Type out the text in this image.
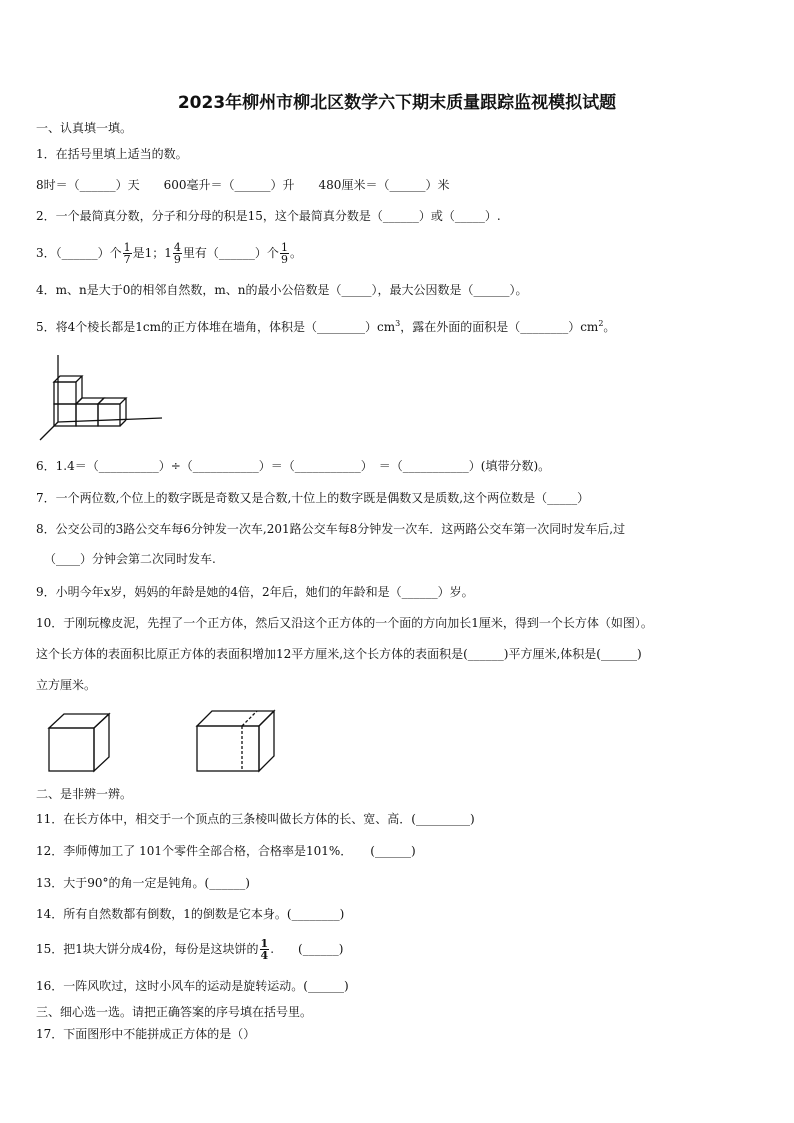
2023年柳州市柳北区数学六下期末质量跟踪监视模拟试题
一、认真填一填。
1．在括号里填上适当的数。
8时＝（______）天　　600毫升＝（______）升　　480厘米＝（______）米
2．一个最简真分数，分子和分母的积是15，这个最简真分数是（______）或（_____）.
3．（______）个 $\frac{1}{7}$ 是1；$1 \frac{4}{9}$ 里有（______）个 $\frac{1}{9}$ 。
4．m、n是大于0的相邻自然数，m、n的最小公倍数是（_____），最大公因数是（______）。
5．将4个棱长都是1cm的正方体堆在墙角，体积是$(\_\_\_\_\_\_\_\_)cm^3$，露在外面的面积是$(\_\_\_\_\_\_\_\_)cm^2$。
6．1.4＝（__________）÷（___________）＝（___________）　＝（___________）(填带分数)。
7．一个两位数,个位上的数字既是奇数又是合数,十位上的数字既是偶数又是质数,这个两位数是（_____）
8．公交公司的3路公交车每6分钟发一次车,201路公交车每8分钟发一次车．这两路公交车第一次同时发车后,过
（____）分钟会第二次同时发车.
9．小明今年x岁，妈妈的年龄是她的4倍，2年后，她们的年龄和是（______）岁。
10．于刚玩橡皮泥，先捏了一个正方体，然后又沿这个正方体的一个面的方向加长1厘米，得到一个长方体（如图）。
这个长方体的表面积比原正方体的表面积增加12平方厘米,这个长方体的表面积是(______)平方厘米,体积是(______)
立方厘米。
二、是非辨一辨。
11．在长方体中，相交于一个顶点的三条棱叫做长方体的长、宽、高．(_________)
12．李师傅加工了 101个零件全部合格，合格率是101%．　　(______)
13．大于90°的角一定是钝角。(______)
14．所有自然数都有倒数，1的倒数是它本身。(________)
15．把1块大饼分成4份，每份是这块饼的 $\frac{1}{4}$ .　　(______)
16．一阵风吹过，这时小风车的运动是旋转运动。(______)
三、细心选一选。请把正确答案的序号填在括号里。
17．下面图形中不能拼成正方体的是（）
